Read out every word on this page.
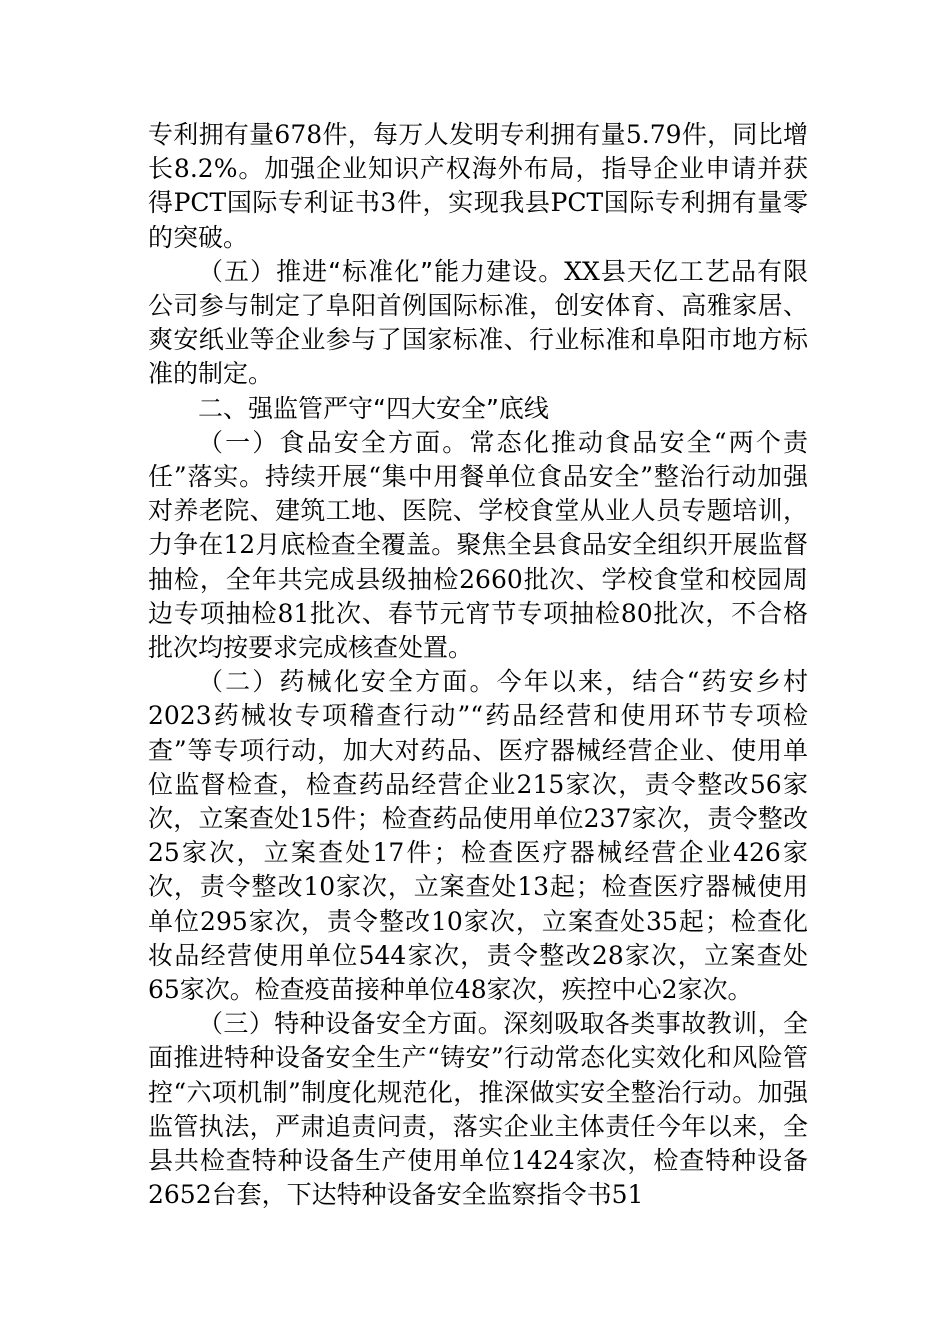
专利拥有量678件，每万人发明专利拥有量5.79件，同比增长8.2%。加强企业知识产权海外布局，指导企业申请并获得PCT国际专利证书3件，实现我县PCT国际专利拥有量零的突破。

（五）推进“标准化”能力建设。XX县天亿工艺品有限公司参与制定了阜阳首例国际标准，创安体育、高雅家居、爽安纸业等企业参与了国家标准、行业标准和阜阳市地方标准的制定。

二、强监管严守“四大安全”底线

（一）食品安全方面。常态化推动食品安全“两个责任”落实。持续开展“集中用餐单位食品安全”整治行动加强对养老院、建筑工地、医院、学校食堂从业人员专题培训，力争在12月底检查全覆盖。聚焦全县食品安全组织开展监督抽检，全年共完成县级抽检2660批次、学校食堂和校园周边专项抽检81批次、春节元宵节专项抽检80批次，不合格批次均按要求完成核查处置。

（二）药械化安全方面。今年以来，结合“药安乡村2023药械妆专项稽查行动”“药品经营和使用环节专项检查”等专项行动，加大对药品、医疗器械经营企业、使用单位监督检查，检查药品经营企业215家次，责令整改56家次，立案查处15件；检查药品使用单位237家次，责令整改25家次，立案查处17件；检查医疗器械经营企业426家次，责令整改10家次，立案查处13起；检查医疗器械使用单位295家次，责令整改10家次，立案查处35起；检查化妆品经营使用单位544家次，责令整改28家次，立案查处65家次。检查疫苗接种单位48家次，疾控中心2家次。

（三）特种设备安全方面。深刻吸取各类事故教训，全面推进特种设备安全生产“铸安”行动常态化实效化和风险管控“六项机制”制度化规范化，推深做实安全整治行动。加强监管执法，严肃追责问责，落实企业主体责任今年以来，全县共检查特种设备生产使用单位1424家次，检查特种设备2652台套，下达特种设备安全监察指令书51
